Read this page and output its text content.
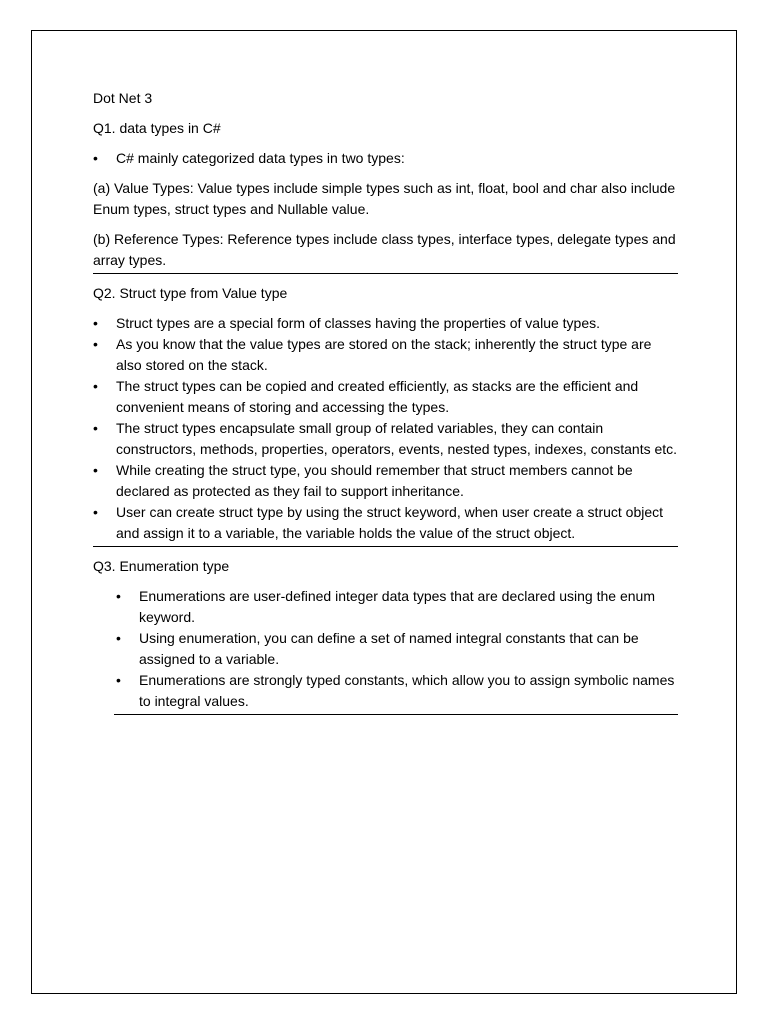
Dot Net 3

Q1. data types in C#

•	C# mainly categorized data types in two types:

(a) Value Types: Value types include simple types such as int, float, bool and char also include Enum types, struct types and Nullable value.

(b) Reference Types: Reference types include class types, interface types, delegate types and array types.

Q2. Struct type from Value type

•	Struct types are a special form of classes having the properties of value types.
•	As you know that the value types are stored on the stack; inherently the struct type are also stored on the stack.
•	The struct types can be copied and created efficiently, as stacks are the efficient and convenient means of storing and accessing the types.
•	The struct types encapsulate small group of related variables, they can contain constructors, methods, properties, operators, events, nested types, indexes, constants etc.
•	While creating the struct type, you should remember that struct members cannot be declared as protected as they fail to support inheritance.
•	User can create struct type by using the struct keyword, when user create a struct object and assign it to a variable, the variable holds the value of the struct object.

Q3. Enumeration type

•	Enumerations are user-defined integer data types that are declared using the enum keyword.
•	Using enumeration, you can define a set of named integral constants that can be assigned to a variable.
•	Enumerations are strongly typed constants, which allow you to assign symbolic names to integral values.
